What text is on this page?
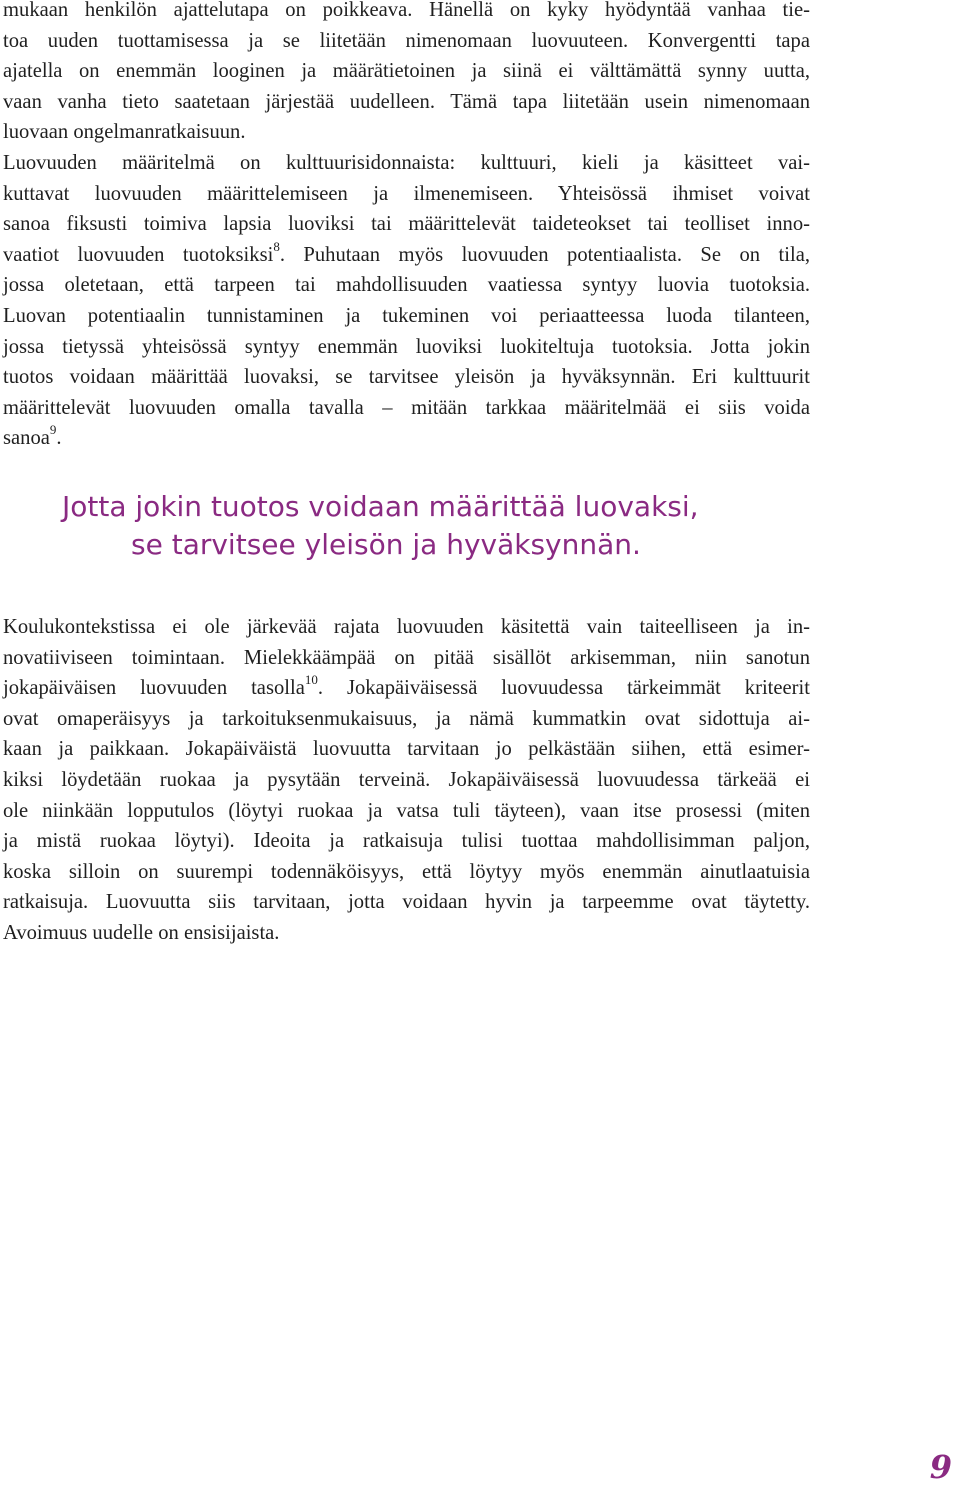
mukaan henkilön ajattelutapa on poikkeava. Hänellä on kyky hyödyntää vanhaa tie-
toa uuden tuottamisessa ja se liitetään nimenomaan luovuuteen. Konvergentti tapa
ajatella on enemmän looginen ja määrätietoinen ja siinä ei välttämättä synny uutta,
vaan vanha tieto saatetaan järjestää uudelleen. Tämä tapa liitetään usein nimenomaan
luovaan ongelmanratkaisuun.
Luovuuden määritelmä on kulttuurisidonnaista: kulttuuri, kieli ja käsitteet vai-
kuttavat luovuuden määrittelemiseen ja ilmenemiseen. Yhteisössä ihmiset voivat
sanoa fiksusti toimiva lapsia luoviksi tai määrittelevät taideteokset tai teolliset inno-
vaatiot luovuuden tuotoksiksi$^8$. Puhutaan myös luovuuden potentiaalista. Se on tila,
jossa oletetaan, että tarpeen tai mahdollisuuden vaatiessa syntyy luovia tuotoksia.
Luovan potentiaalin tunnistaminen ja tukeminen voi periaatteessa luoda tilanteen,
jossa tietyssä yhteisössä syntyy enemmän luoviksi luokiteltuja tuotoksia. Jotta jokin
tuotos voidaan määrittää luovaksi, se tarvitsee yleisön ja hyväksynnän. Eri kulttuurit
määrittelevät luovuuden omalla tavalla – mitään tarkkaa määritelmää ei siis voida
sanoa$^9$.
Jotta jokin tuotos voidaan määrittää luovaksi,
se tarvitsee yleisön ja hyväksynnän.
Koulukontekstissa ei ole järkevää rajata luovuuden käsitettä vain taiteelliseen ja in-
novatiiviseen toimintaan. Mielekkäämpää on pitää sisällöt arkisemman, niin sanotun
jokapäiväisen luovuuden tasolla$^{10}$. Jokapäiväisessä luovuudessa tärkeimmät kriteerit
ovat omaperäisyys ja tarkoituksenmukaisuus, ja nämä kummatkin ovat sidottuja ai-
kaan ja paikkaan. Jokapäiväistä luovuutta tarvitaan jo pelkästään siihen, että esimer-
kiksi löydetään ruokaa ja pysytään terveinä. Jokapäiväisessä luovuudessa tärkeää ei
ole niinkään lopputulos (löytyi ruokaa ja vatsa tuli täyteen), vaan itse prosessi (miten
ja mistä ruokaa löytyi). Ideoita ja ratkaisuja tulisi tuottaa mahdollisimman paljon,
koska silloin on suurempi todennäköisyys, että löytyy myös enemmän ainutlaatuisia
ratkaisuja. Luovuutta siis tarvitaan, jotta voidaan hyvin ja tarpeemme ovat täytetty.
Avoimuus uudelle on ensisijaista.
9
